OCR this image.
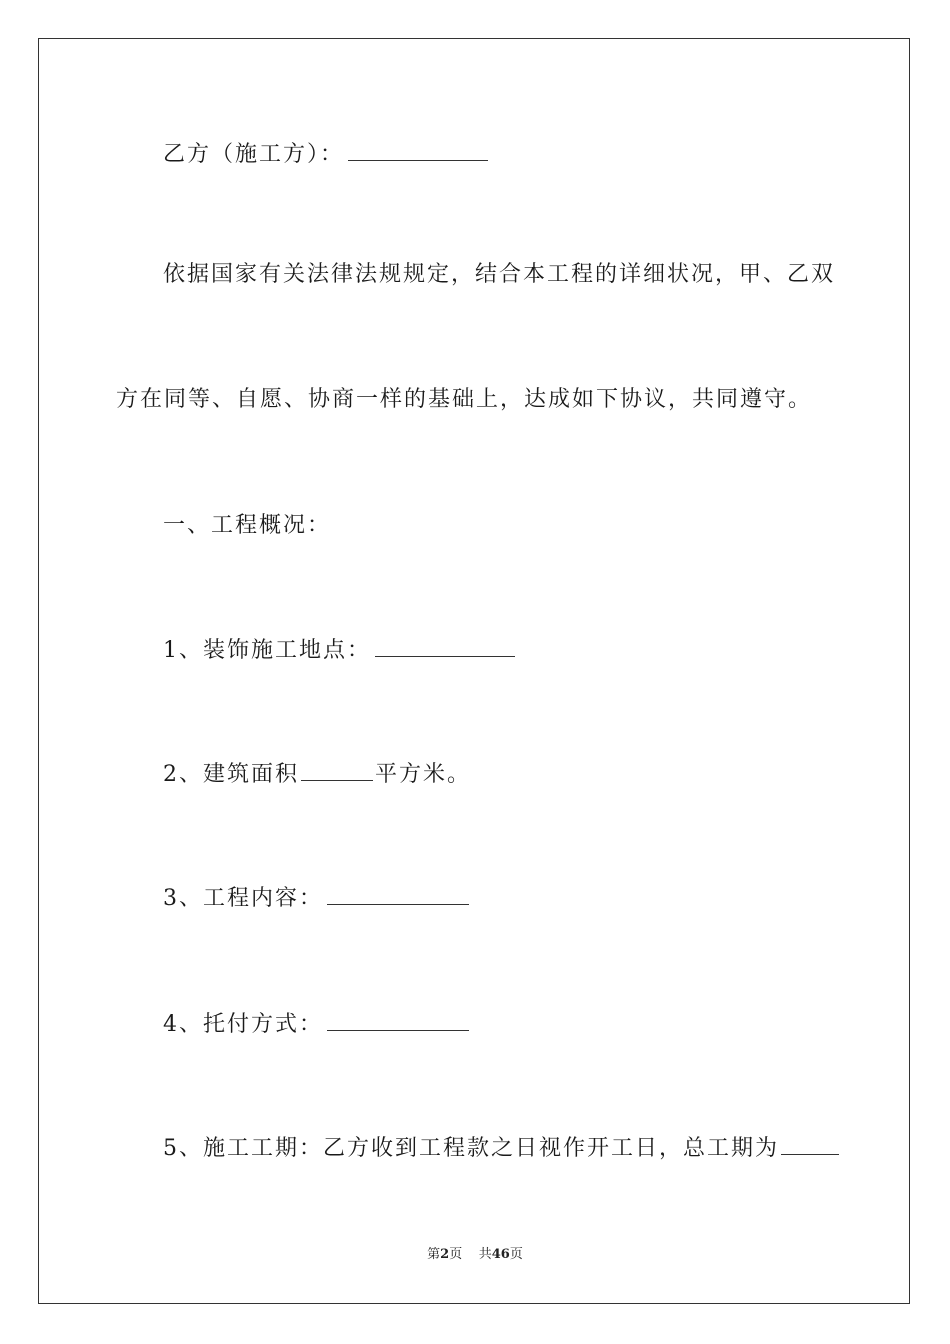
乙方（施工方）：
依据国家有关法律法规规定，结合本工程的详细状况，甲、乙双
方在同等、自愿、协商一样的基础上，达成如下协议，共同遵守。
一、工程概况：
1、装饰施工地点：
2、建筑面积	平方米。
3、工程内容：
4、托付方式：
5、施工工期：乙方收到工程款之日视作开工日，总工期为
第2页 共46页
